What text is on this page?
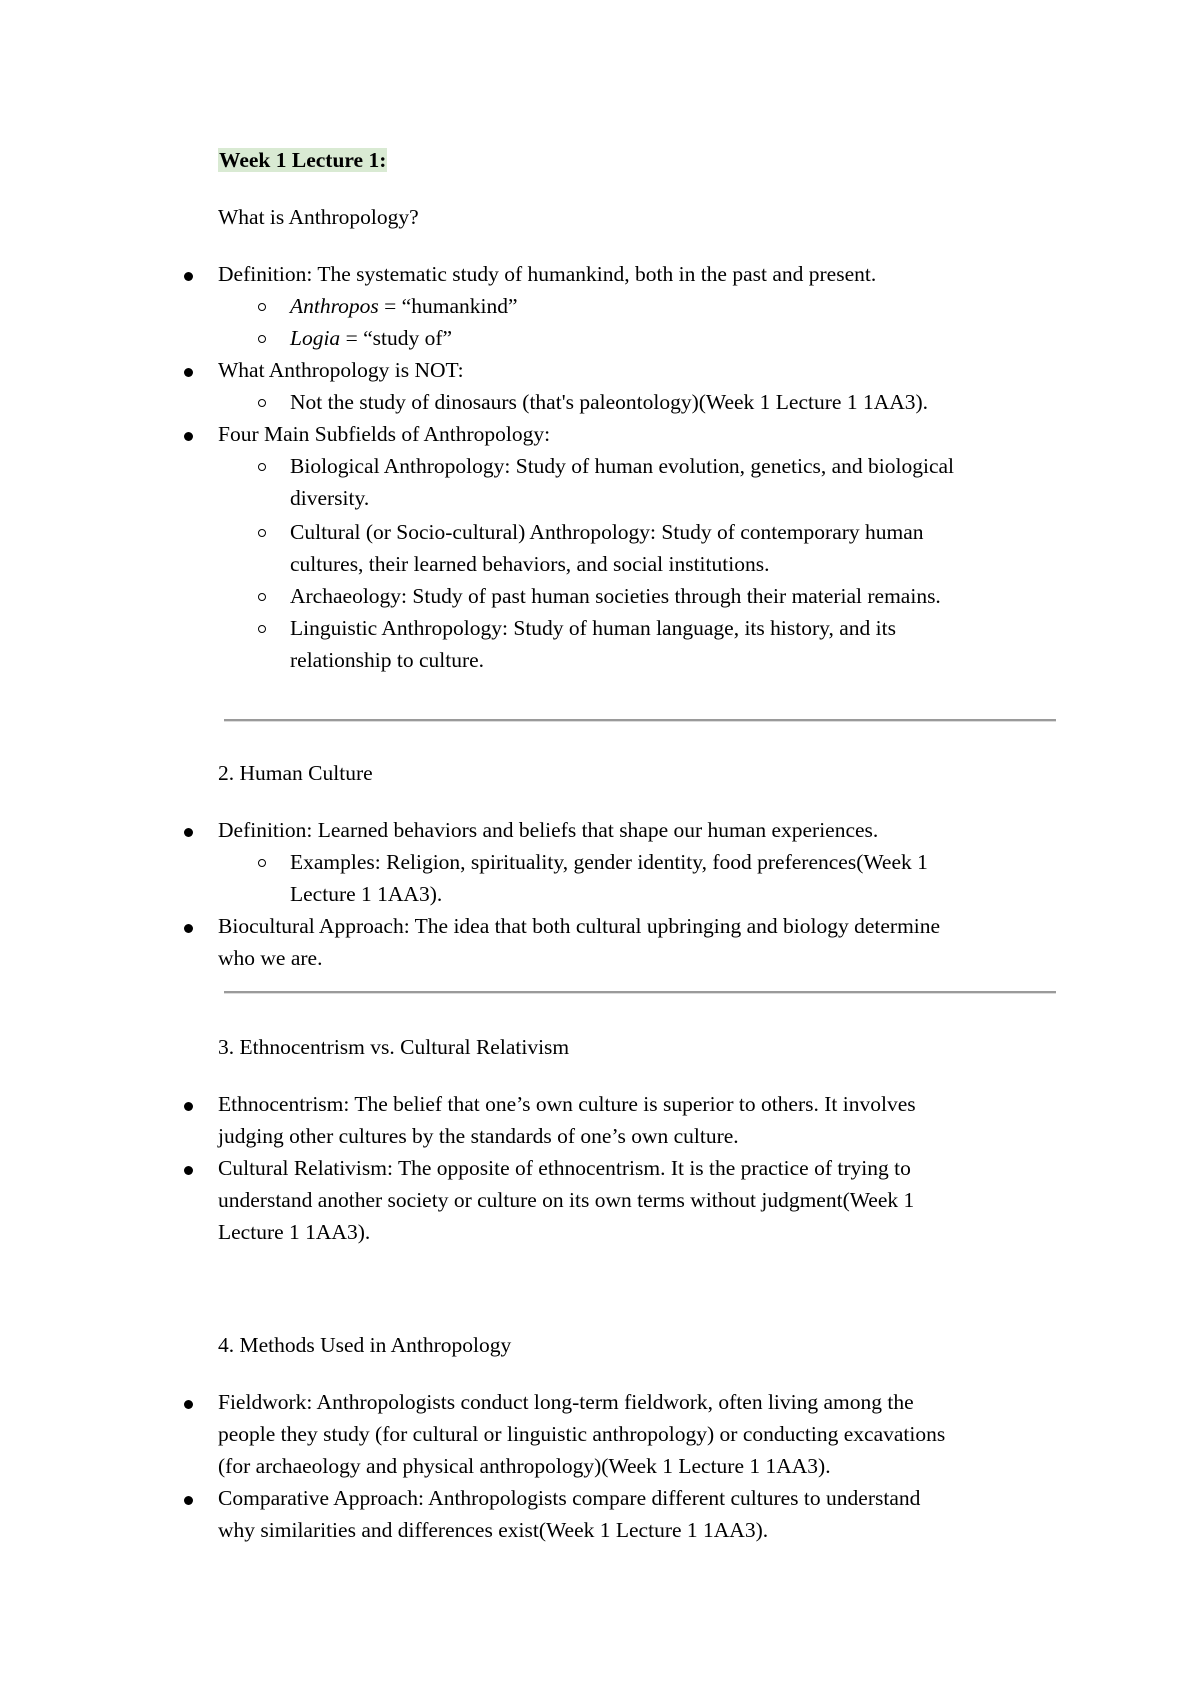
Week 1 Lecture 1:

What is Anthropology?

Definition: The systematic study of humankind, both in the past and present.

Anthropos = “humankind”

Logia = “study of”

What Anthropology is NOT:

Not the study of dinosaurs (that's paleontology)(Week 1 Lecture 1 1AA3).

Four Main Subfields of Anthropology:

Biological Anthropology: Study of human evolution, genetics, and biological

diversity.

Cultural (or Socio-cultural) Anthropology: Study of contemporary human

cultures, their learned behaviors, and social institutions.

Archaeology: Study of past human societies through their material remains.

Linguistic Anthropology: Study of human language, its history, and its

relationship to culture.

2. Human Culture

Definition: Learned behaviors and beliefs that shape our human experiences.

Examples: Religion, spirituality, gender identity, food preferences(Week 1

Lecture 1 1AA3).

Biocultural Approach: The idea that both cultural upbringing and biology determine

who we are.

3. Ethnocentrism vs. Cultural Relativism

Ethnocentrism: The belief that one’s own culture is superior to others. It involves

judging other cultures by the standards of one’s own culture.

Cultural Relativism: The opposite of ethnocentrism. It is the practice of trying to

understand another society or culture on its own terms without judgment(Week 1

Lecture 1 1AA3).

4. Methods Used in Anthropology

Fieldwork: Anthropologists conduct long-term fieldwork, often living among the

people they study (for cultural or linguistic anthropology) or conducting excavations

(for archaeology and physical anthropology)(Week 1 Lecture 1 1AA3).

Comparative Approach: Anthropologists compare different cultures to understand

why similarities and differences exist(Week 1 Lecture 1 1AA3).
